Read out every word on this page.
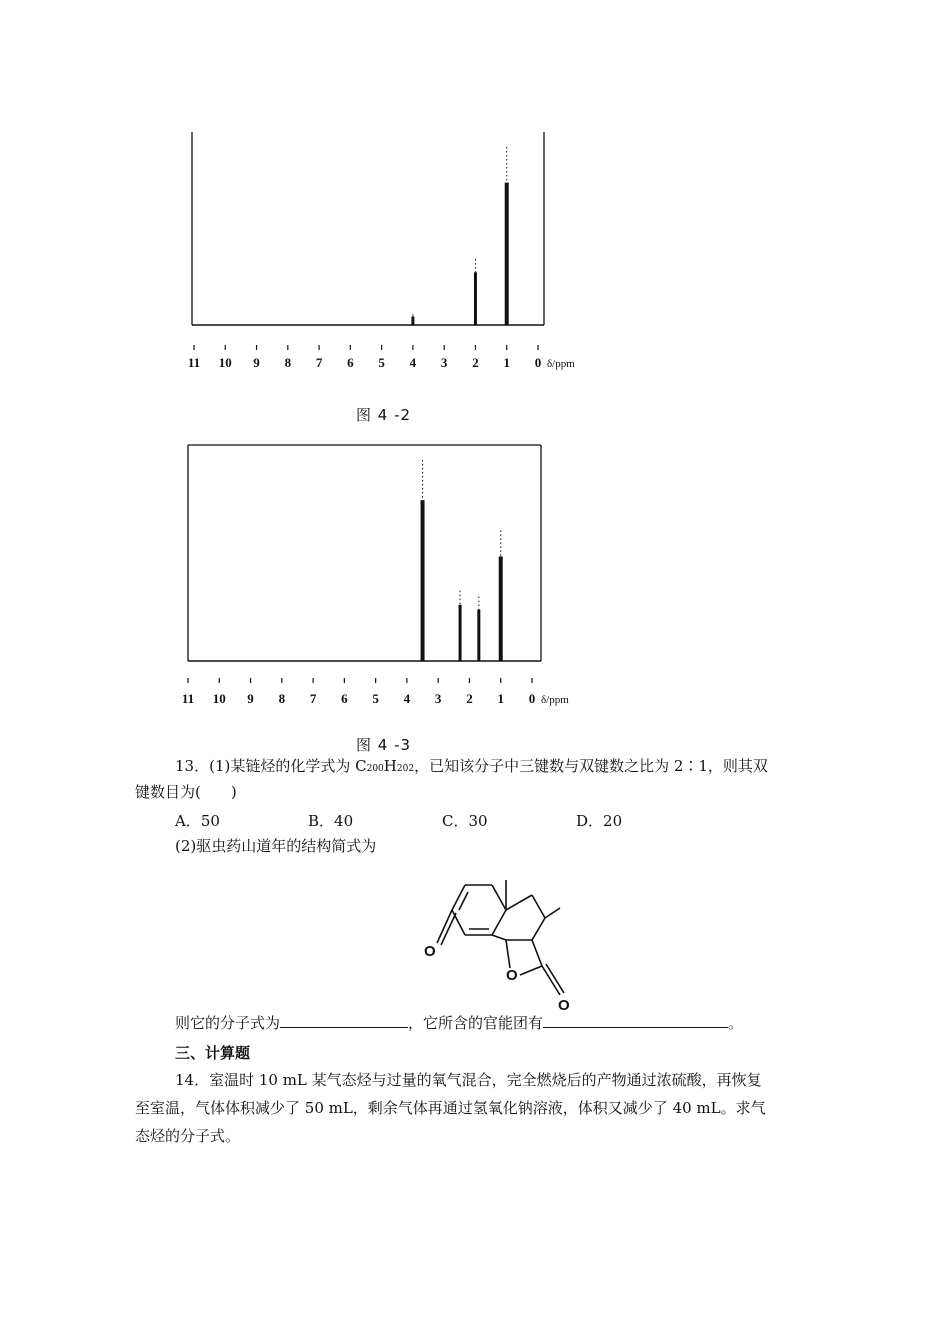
11 10 9 8 7 6 5 4 3 2 1 0 δ/ppm
图 4 -2
11 10 9 8 7 6 5 4 3 2 1 0 δ/ppm
图 4 -3
13．(1)某链烃的化学式为 C200H202，已知该分子中三键数与双键数之比为 2∶1，则其双
键数目为(　　)
A．50	B．40	C．30	D．20
(2)驱虫药山道年的结构简式为
O
O
O
则它的分子式为	，它所含的官能团有	。
三、计算题
14．室温时 10 mL 某气态烃与过量的氧气混合，完全燃烧后的产物通过浓硫酸，再恢复
至室温，气体体积减少了 50 mL，剩余气体再通过氢氧化钠溶液，体积又减少了 40 mL。求气
态烃的分子式。
